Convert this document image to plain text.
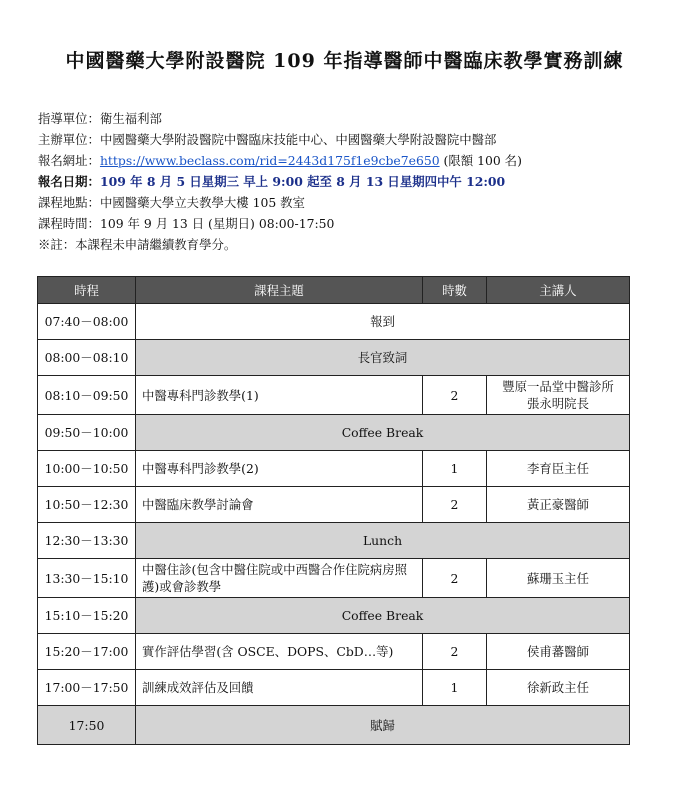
中國醫藥大學附設醫院 109 年指導醫師中醫臨床教學實務訓練
指導單位：衛生福利部
主辦單位：中國醫藥大學附設醫院中醫臨床技能中心、中國醫藥大學附設醫院中醫部
報名網址：https://www.beclass.com/rid=2443d175f1e9cbe7e650 (限額 100 名)
報名日期：109 年 8 月 5 日星期三 早上 9:00 起至 8 月 13 日星期四中午 12:00
課程地點：中國醫藥大學立夫教學大樓 105 教室
課程時間：109 年 9 月 13 日 (星期日) 08:00-17:50
※註：本課程未申請繼續教育學分。
時程	課程主題	時數	主講人
07:40－08:00	報到		
08:00－08:10	長官致詞		
08:10－09:50	中醫專科門診教學(1)	2	豐原一品堂中醫診所
張永明院長

09:50－10:00	Coffee Break		
10:00－10:50	中醫專科門診教學(2)	1	李育臣主任
10:50－12:30	中醫臨床教學討論會	2	黃正豪醫師
12:30－13:30	Lunch		
13:30－15:10	中醫住診(包含中醫住院或中西醫合作住院病房照護)或會診教學	2	蘇珊玉主任
15:10－15:20	Coffee Break		
15:20－17:00	實作評估學習(含 OSCE、DOPS、CbD…等)	2	侯甫蕃醫師
17:00－17:50	訓練成效評估及回饋	1	徐新政主任
17:50	賦歸		
